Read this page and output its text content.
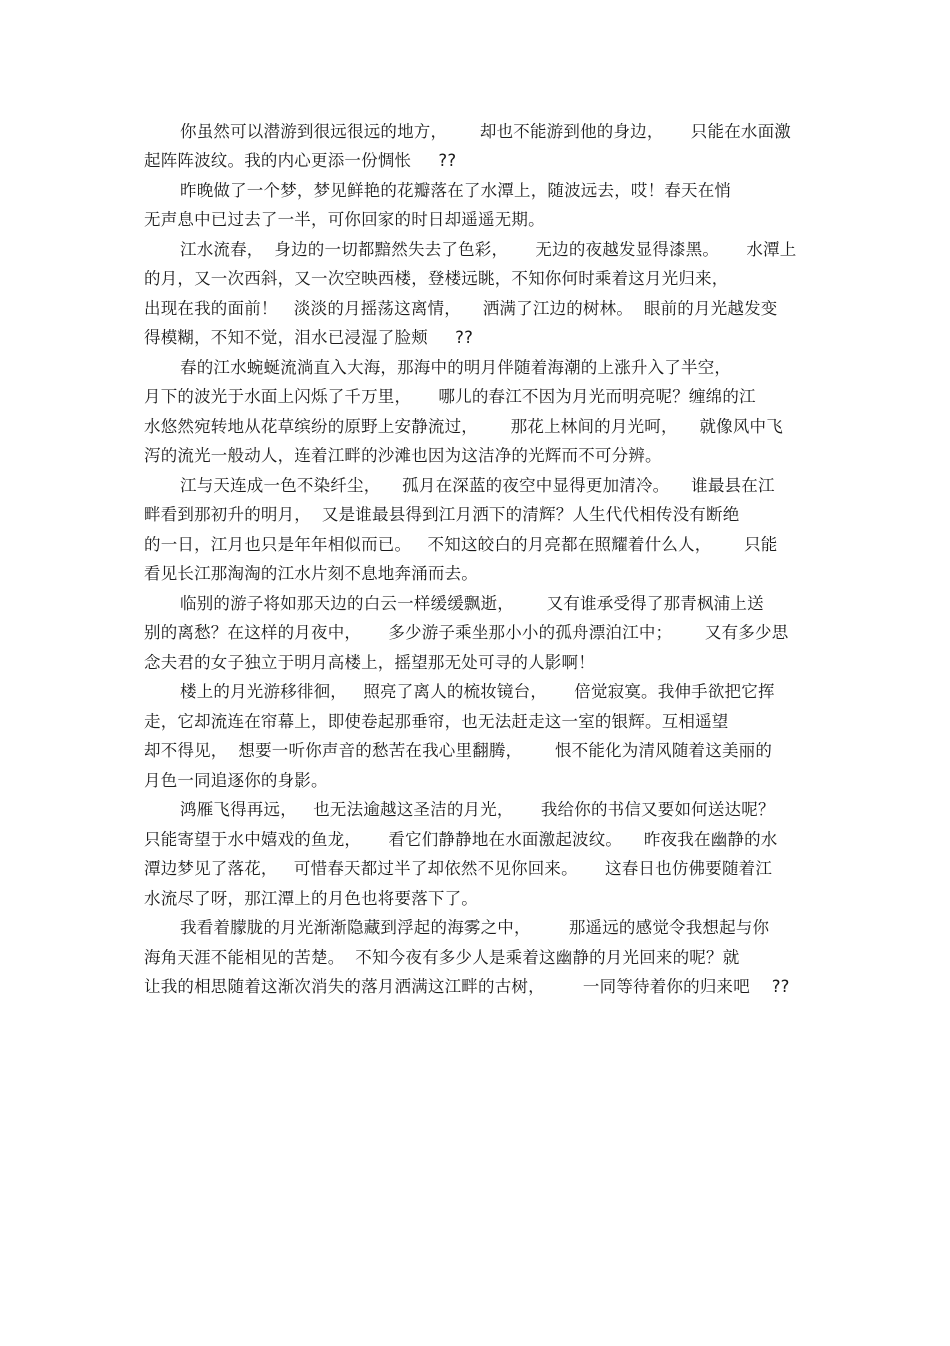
你虽然可以潜游到很远很远的地方，      却也不能游到他的身边，     只能在水面激
起阵阵波纹。我的内心更添一份惆怅     ??
昨晚做了一个梦，梦见鲜艳的花瓣落在了水潭上，随波远去，哎！春天在悄
无声息中已过去了一半，可你回家的时日却遥遥无期。
江水流春，  身边的一切都黯然失去了色彩，     无边的夜越发显得漆黑。     水潭上
的月，又一次西斜，又一次空映西楼，登楼远眺，不知你何时乘着这月光归来，
出现在我的面前！   淡淡的月摇荡这离情，    洒满了江边的树林。  眼前的月光越发变
得模糊，不知不觉，泪水已浸湿了脸颊     ??
春的江水蜿蜒流淌直入大海，那海中的明月伴随着海潮的上涨升入了半空，
月下的波光于水面上闪烁了千万里，     哪儿的春江不因为月光而明亮呢？缠绵的江
水悠然宛转地从花草缤纷的原野上安静流过，      那花上林间的月光呵，    就像风中飞
泻的流光一般动人，连着江畔的沙滩也因为这洁净的光辉而不可分辨。
江与天连成一色不染纤尘，    孤月在深蓝的夜空中显得更加清冷。    谁最县在江
畔看到那初升的明月，  又是谁最县得到江月洒下的清辉？人生代代相传没有断绝
的一日，江月也只是年年相似而已。   不知这皎白的月亮都在照耀着什么人，      只能
看见长江那淘淘的江水片刻不息地奔涌而去。
临别的游子将如那天边的白云一样缓缓飘逝，      又有谁承受得了那青枫浦上送
别的离愁？在这样的月夜中，     多少游子乘坐那小小的孤舟漂泊江中；      又有多少思
念夫君的女子独立于明月高楼上，摇望那无处可寻的人影啊！
楼上的月光游移徘徊，   照亮了离人的梳妆镜台，     倍觉寂寞。我伸手欲把它挥
走，它却流连在帘幕上，即使卷起那垂帘，也无法赶走这一室的银辉。互相遥望
却不得见，  想要一听你声音的愁苦在我心里翻腾，      恨不能化为清风随着这美丽的
月色一同追逐你的身影。
鸿雁飞得再远，   也无法逾越这圣洁的月光，     我给你的书信又要如何送达呢？
只能寄望于水中嬉戏的鱼龙，     看它们静静地在水面激起波纹。    昨夜我在幽静的水
潭边梦见了落花，   可惜春天都过半了却依然不见你回来。     这春日也仿佛要随着江
水流尽了呀，那江潭上的月色也将要落下了。
我看着朦胧的月光渐渐隐藏到浮起的海雾之中，       那遥远的感觉令我想起与你
海角天涯不能相见的苦楚。  不知今夜有多少人是乘着这幽静的月光回来的呢？就
让我的相思随着这渐次消失的落月洒满这江畔的古树，       一同等待着你的归来吧    ??
